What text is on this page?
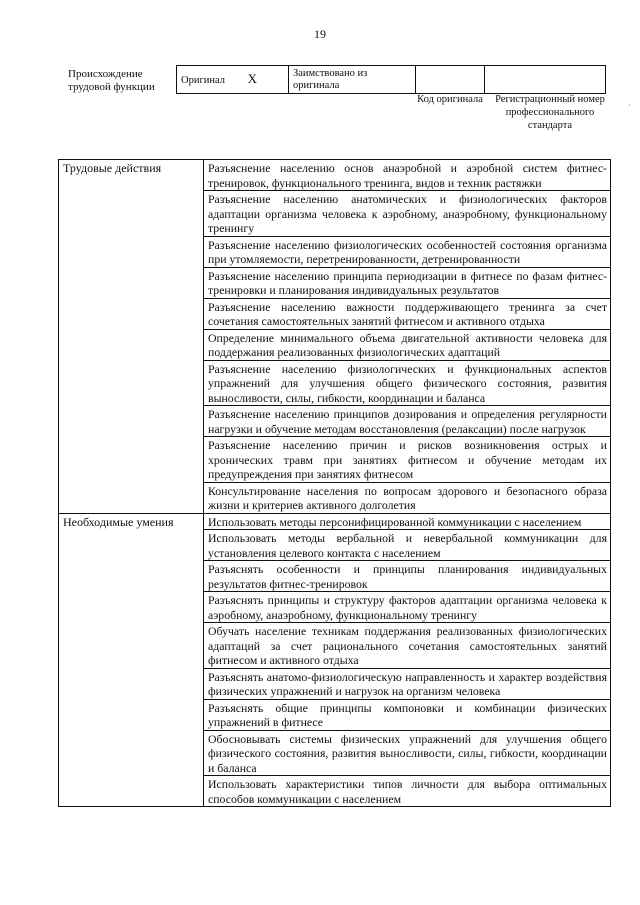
19
Происхождение трудовой функции
Оригинал X	Заимствовано из оригинала		
Код оригинала	Регистрационный номер профессионального стандарта
Трудовые действия	Разъяснение населению основ анаэробной и аэробной систем фитнес-тренировок, функционального тренинга, видов и техник растяжки
	Разъяснение населению анатомических и физиологических факторов адаптации организма человека к аэробному, анаэробному, функциональному тренингу
	Разъяснение населению физиологических особенностей состояния организма при утомляемости, перетренированности, детренированности
	Разъяснение населению принципа периодизации в фитнесе по фазам фитнес-тренировки и планирования индивидуальных результатов
	Разъяснение населению важности поддерживающего тренинга за счет сочетания самостоятельных занятий фитнесом и активного отдыха
	Определение минимального объема двигательной активности человека для поддержания реализованных физиологических адаптаций
	Разъяснение населению физиологических и функциональных аспектов упражнений для улучшения общего физического состояния, развития выносливости, силы, гибкости, координации и баланса
	Разъяснение населению принципов дозирования и определения регулярности нагрузки и обучение методам восстановления (релаксации) после нагрузок
	Разъяснение населению причин и рисков возникновения острых и хронических травм при занятиях фитнесом и обучение методам их предупреждения при занятиях фитнесом
	Консультирование населения по вопросам здорового и безопасного образа жизни и критериев активного долголетия
Необходимые умения	Использовать методы персонифицированной коммуникации с населением
	Использовать методы вербальной и невербальной коммуникации для установления целевого контакта с населением
	Разъяснять особенности и принципы планирования индивидуальных результатов фитнес-тренировок
	Разъяснять принципы и структуру факторов адаптации организма человека к аэробному, анаэробному, функциональному тренингу
	Обучать население техникам поддержания реализованных физиологических адаптаций за счет рационального сочетания самостоятельных занятий фитнесом и активного отдыха
	Разъяснять анатомо-физиологическую направленность и характер воздействия физических упражнений и нагрузок на организм человека
	Разъяснять общие принципы компоновки и комбинации физических упражнений в фитнесе
	Обосновывать системы физических упражнений для улучшения общего физического состояния, развития выносливости, силы, гибкости, координации и баланса
	Использовать характеристики типов личности для выбора оптимальных способов коммуникации с населением
·
